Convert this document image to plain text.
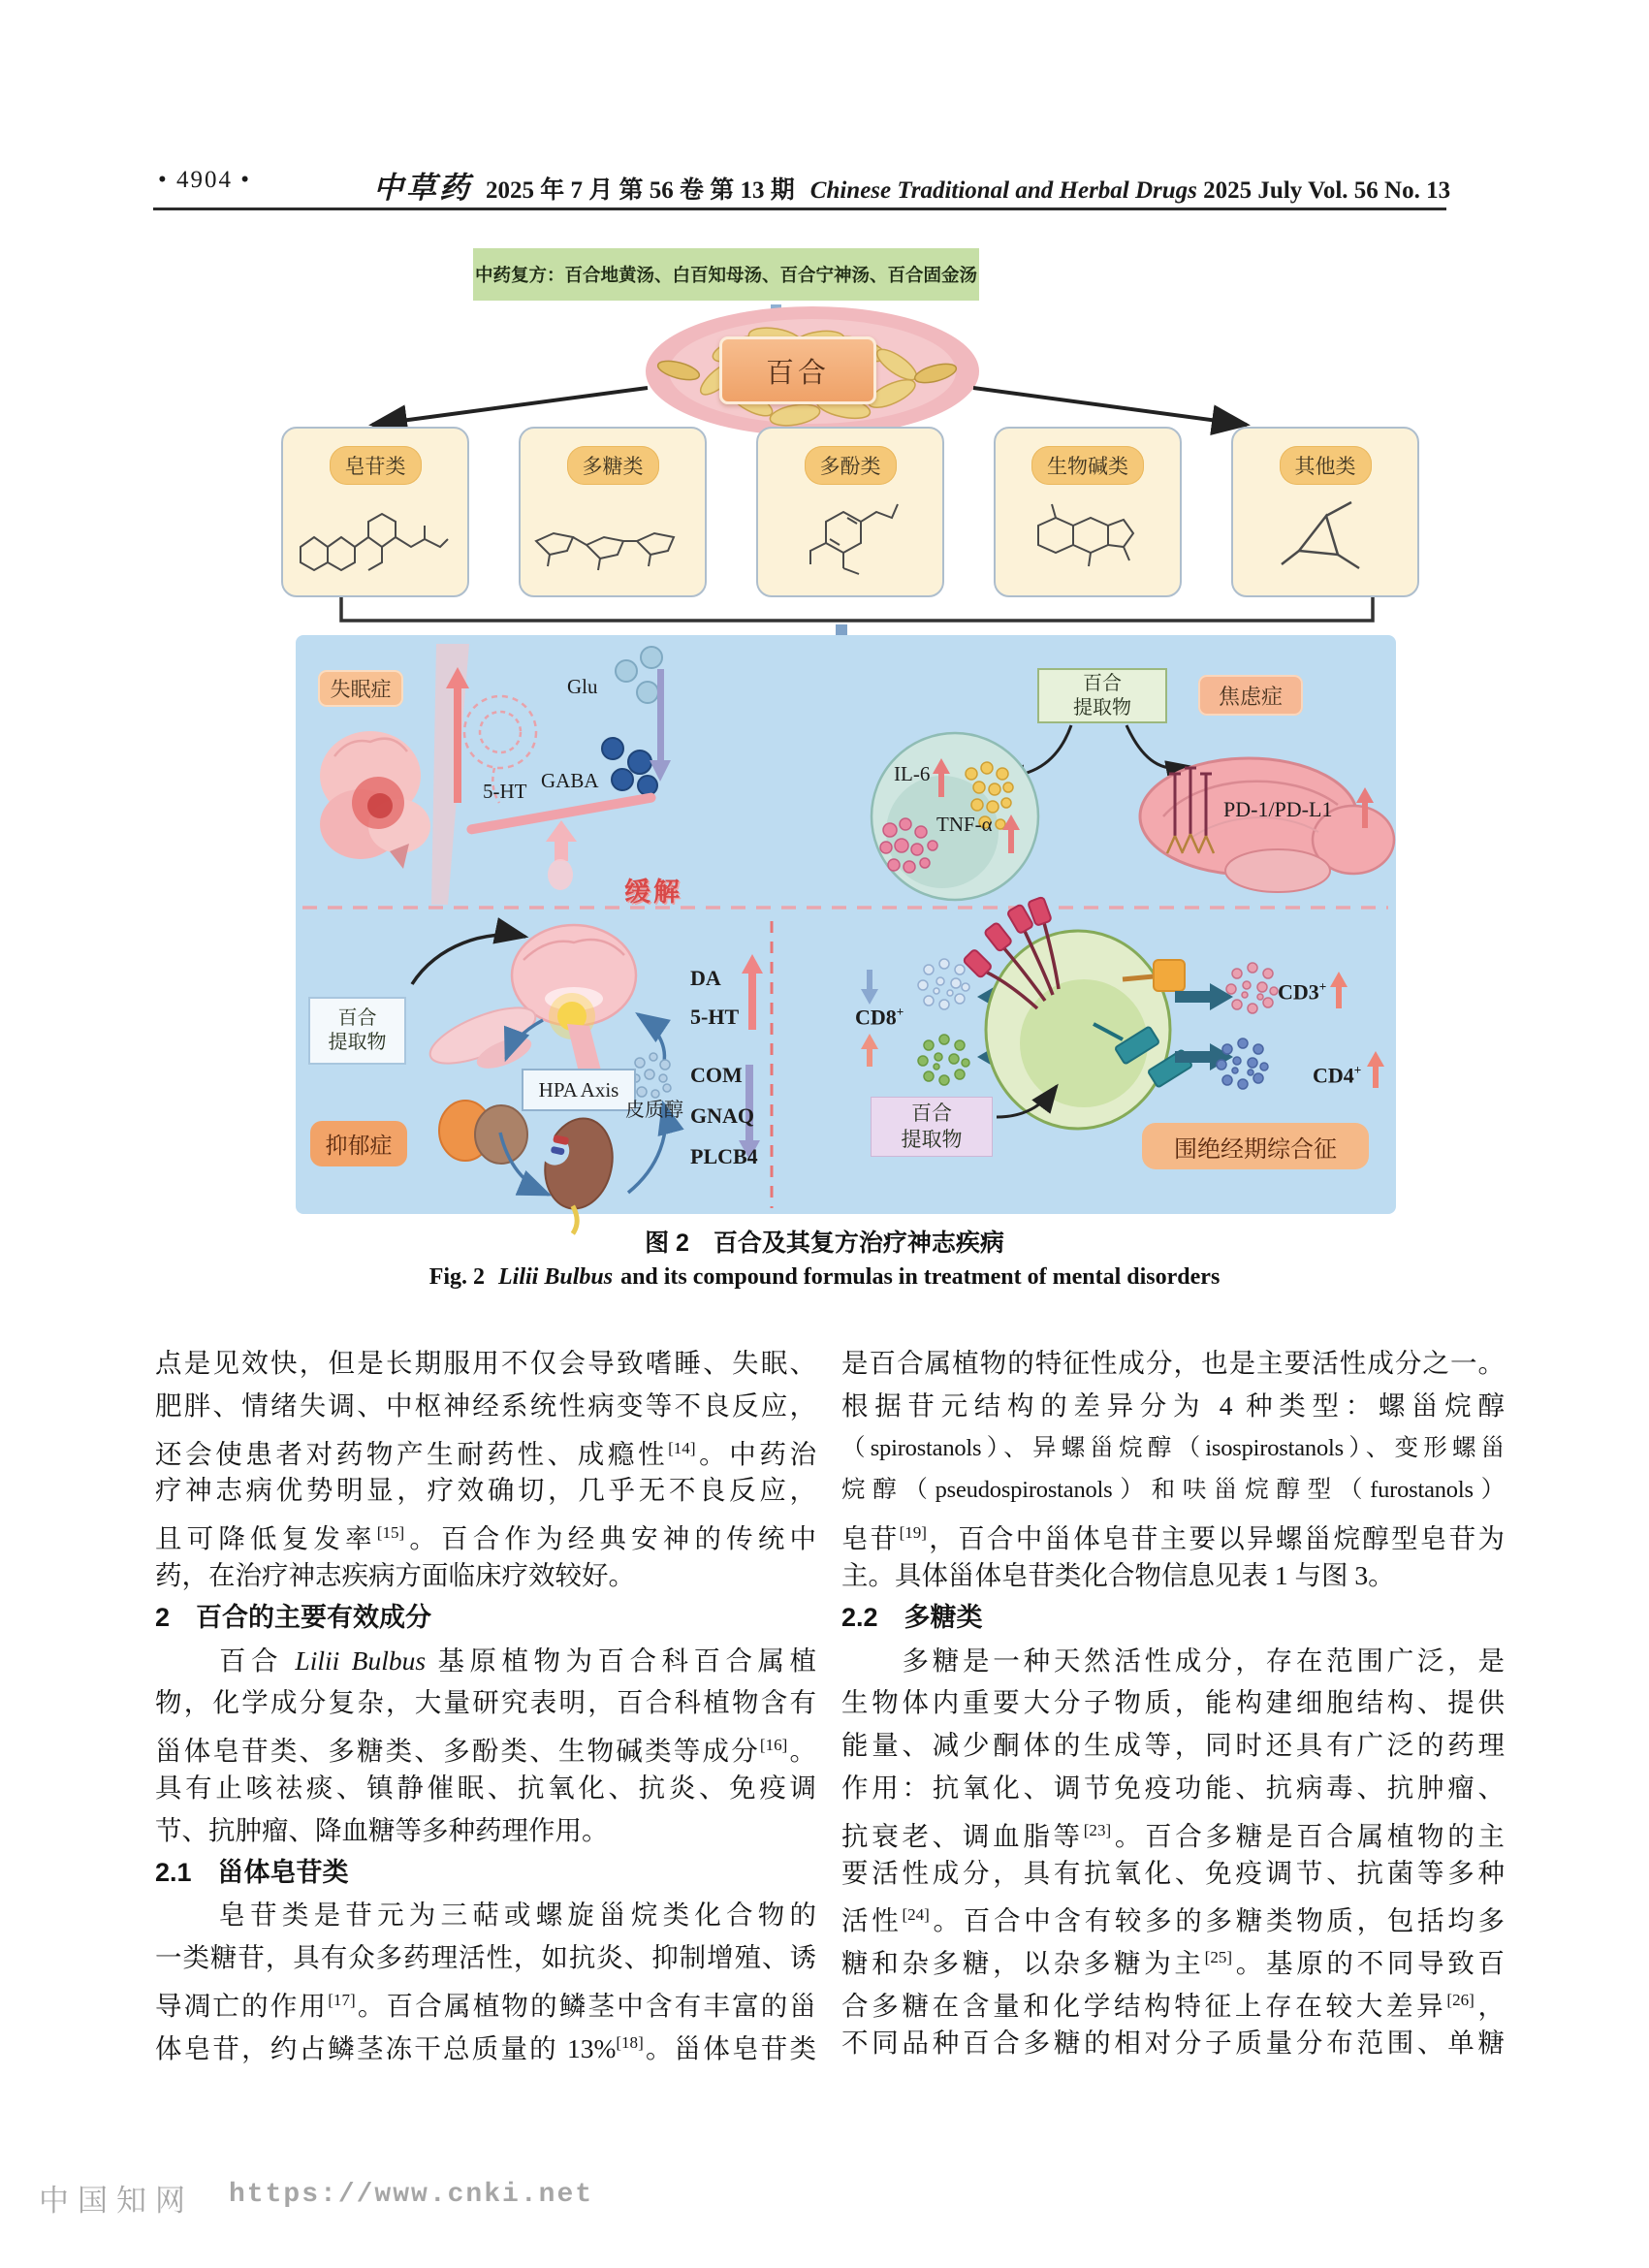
• 4904 •	中草药 2025 年 7 月 第 56 卷 第 13 期 Chinese Traditional and Herbal Drugs 2025 July Vol. 56 No. 13
中药复方：百合地黄汤、白百知母汤、百合宁神汤、百合固金汤
百合
皂苷类	多糖类	多酚类	生物碱类	其他类
失眠症	焦虑症
抑郁症	围绝经期综合征
百合
提取物
百合
提取物
百合
提取物
缓解
Glu
GABA
5-HT
IL-6
TNF-α
PD-1/PD-L1
HPA Axis
皮质醇
DA
5-HT
COM
GNAQ
PLCB4
CD8+
CD3+
CD4+
图 2　百合及其复方治疗神志疾病
Fig. 2 Lilii Bulbus and its compound formulas in treatment of mental disorders
点是见效快，但是长期服用不仅会导致嗜睡、失眠、
肥胖、情绪失调、中枢神经系统性病变等不良反应，
还会使患者对药物产生耐药性、成瘾性[14]。中药治
疗神志病优势明显，疗效确切，几乎无不良反应，
且可降低复发率[15]。百合作为经典安神的传统中
药，在治疗神志疾病方面临床疗效较好。
2　百合的主要有效成分
　　百合 Lilii Bulbus 基原植物为百合科百合属植
物，化学成分复杂，大量研究表明，百合科植物含有
甾体皂苷类、多糖类、多酚类、生物碱类等成分[16]。
具有止咳祛痰、镇静催眠、抗氧化、抗炎、免疫调
节、抗肿瘤、降血糖等多种药理作用。
2.1　甾体皂苷类
　　皂苷类是苷元为三萜或螺旋甾烷类化合物的
一类糖苷，具有众多药理活性，如抗炎、抑制增殖、诱
导凋亡的作用[17]。百合属植物的鳞茎中含有丰富的甾
体皂苷，约占鳞茎冻干总质量的 13%[18]。甾体皂苷类
是百合属植物的特征性成分，也是主要活性成分之一。
根据苷元结构的差异分为 4 种类型：螺甾烷醇
（spirostanols）、异螺甾烷醇（isospirostanols）、变形螺甾
烷醇（pseudospirostanols）和呋甾烷醇型（furostanols）
皂苷[19]，百合中甾体皂苷主要以异螺甾烷醇型皂苷为
主。具体甾体皂苷类化合物信息见表 1 与图 3。
2.2　多糖类
　　多糖是一种天然活性成分，存在范围广泛，是
生物体内重要大分子物质，能构建细胞结构、提供
能量、减少酮体的生成等，同时还具有广泛的药理
作用：抗氧化、调节免疫功能、抗病毒、抗肿瘤、
抗衰老、调血脂等[23]。百合多糖是百合属植物的主
要活性成分，具有抗氧化、免疫调节、抗菌等多种
活性[24]。百合中含有较多的多糖类物质，包括均多
糖和杂多糖，以杂多糖为主[25]。基原的不同导致百
合多糖在含量和化学结构特征上存在较大差异[26]，
不同品种百合多糖的相对分子质量分布范围、单糖
中国知网 https://www.cnki.net
